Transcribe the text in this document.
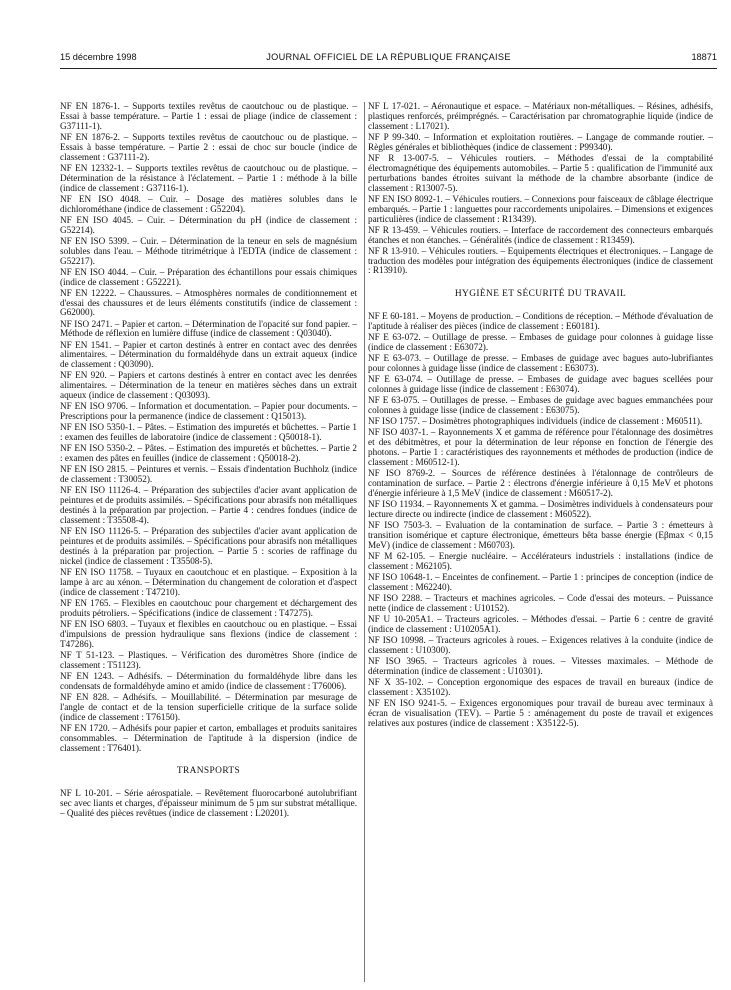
15 décembre 1998	JOURNAL OFFICIEL DE LA RÉPUBLIQUE FRANÇAISE	18871
NF EN 1876-1. – Supports textiles revêtus de caoutchouc ou de plastique. – Essai à basse température. – Partie 1 : essai de pliage (indice de classement : G37111-1).
NF EN 1876-2. – Supports textiles revêtus de caoutchouc ou de plastique. – Essais à basse température. – Partie 2 : essai de choc sur boucle (indice de classement : G37111-2).
NF EN 12332-1. – Supports textiles revêtus de caoutchouc ou de plastique. – Détermination de la résistance à l'éclatement. – Partie 1 : méthode à la bille (indice de classement : G37116-1).
NF EN ISO 4048. – Cuir. – Dosage des matières solubles dans le dichlorométhane (indice de classement : G52204).
NF EN ISO 4045. – Cuir. – Détermination du pH (indice de classement : G52214).
NF EN ISO 5399. – Cuir. – Détermination de la teneur en sels de magnésium solubles dans l'eau. – Méthode titrimétrique à l'EDTA (indice de classement : G52217).
NF EN ISO 4044. – Cuir. – Préparation des échantillons pour essais chimiques (indice de classement : G52221).
NF EN 12222. – Chaussures. – Atmosphères normales de conditionnement et d'essai des chaussures et de leurs éléments constitutifs (indice de classement : G62000).
NF ISO 2471. – Papier et carton. – Détermination de l'opacité sur fond papier. – Méthode de réflexion en lumière diffuse (indice de classement : Q03040).
NF EN 1541. – Papier et carton destinés à entrer en contact avec des denrées alimentaires. – Détermination du formaldéhyde dans un extrait aqueux (indice de classement : Q03090).
NF EN 920. – Papiers et cartons destinés à entrer en contact avec les denrées alimentaires. – Détermination de la teneur en matières sèches dans un extrait aqueux (indice de classement : Q03093).
NF EN ISO 9706. – Information et documentation. – Papier pour documents. – Prescriptions pour la permanence (indice de classement : Q15013).
NF EN ISO 5350-1. – Pâtes. – Estimation des impuretés et bûchettes. – Partie 1 : examen des feuilles de laboratoire (indice de classement : Q50018-1).
NF EN ISO 5350-2. – Pâtes. – Estimation des impuretés et bûchettes. – Partie 2 : examen des pâtes en feuilles (indice de classement : Q50018-2).
NF EN ISO 2815. – Peintures et vernis. – Essais d'indentation Buchholz (indice de classement : T30052).
NF EN ISO 11126-4. – Préparation des subjectiles d'acier avant application de peintures et de produits assimilés. – Spécifications pour abrasifs non métalliques destinés à la préparation par projection. – Partie 4 : cendres fondues (indice de classement : T35508-4).
NF EN ISO 11126-5. – Préparation des subjectiles d'acier avant application de peintures et de produits assimilés. – Spécifications pour abrasifs non métalliques destinés à la préparation par projection. – Partie 5 : scories de raffinage du nickel (indice de classement : T35508-5).
NF EN ISO 11758. – Tuyaux en caoutchouc et en plastique. – Exposition à la lampe à arc au xénon. – Détermination du changement de coloration et d'aspect (indice de classement : T47210).
NF EN 1765. – Flexibles en caoutchouc pour chargement et déchargement des produits pétroliers. – Spécifications (indice de classement : T47275).
NF EN ISO 6803. – Tuyaux et flexibles en caoutchouc ou en plastique. – Essai d'impulsions de pression hydraulique sans flexions (indice de classement : T47286).
NF T 51-123. – Plastiques. – Vérification des duromètres Shore (indice de classement : T51123).
NF EN 1243. – Adhésifs. – Détermination du formaldéhyde libre dans les condensats de formaldéhyde amino et amido (indice de classement : T76006).
NF EN 828. – Adhésifs. – Mouillabilité. – Détermination par mesurage de l'angle de contact et de la tension superficielle critique de la surface solide (indice de classement : T76150).
NF EN 1720. – Adhésifs pour papier et carton, emballages et produits sanitaires consommables. – Détermination de l'aptitude à la dispersion (indice de classement : T76401).
TRANSPORTS
NF L 10-201. – Série aérospatiale. – Revêtement fluorocarboné autolubrifiant sec avec liants et charges, d'épaisseur minimum de 5 µm sur substrat métallique. – Qualité des pièces revêtues (indice de classement : L20201).
NF L 17-021. – Aéronautique et espace. – Matériaux non-métalliques. – Résines, adhésifs, plastiques renforcés, préimprégnés. – Caractérisation par chromatographie liquide (indice de classement : L17021).
NF P 99-340. – Information et exploitation routières. – Langage de commande routier. – Règles générales et bibliothèques (indice de classement : P99340).
NF R 13-007-5. – Véhicules routiers. – Méthodes d'essai de la comptabilité électromagnétique des équipements automobiles. – Partie 5 : qualification de l'immunité aux perturbations bandes étroites suivant la méthode de la chambre absorbante (indice de classement : R13007-5).
NF EN ISO 8092-1. – Véhicules routiers. – Connexions pour faisceaux de câblage électrique embarqués. – Partie 1 : languettes pour raccordements unipolaires. – Dimensions et exigences particulières (indice de classement : R13439).
NF R 13-459. – Véhicules routiers. – Interface de raccordement des connecteurs embarqués étanches et non étanches. – Généralités (indice de classement : R13459).
NF R 13-910. – Véhicules routiers. – Equipements électriques et électroniques. – Langage de traduction des modèles pour intégration des équipements électroniques (indice de classement : R13910).
HYGIÈNE ET SÉCURITÉ DU TRAVAIL
NF E 60-181. – Moyens de production. – Conditions de réception. – Méthode d'évaluation de l'aptitude à réaliser des pièces (indice de classement : E60181).
NF E 63-072. – Outillage de presse. – Embases de guidage pour colonnes à guidage lisse (indice de classement : E63072).
NF E 63-073. – Outillage de presse. – Embases de guidage avec bagues auto-lubrifiantes pour colonnes à guidage lisse (indice de classement : E63073).
NF E 63-074. – Outillage de presse. – Embases de guidage avec bagues scellées pour colonnes à guidage lisse (indice de classement : E63074).
NF E 63-075. – Outillages de presse. – Embases de guidage avec bagues emmanchées pour colonnes à guidage lisse (indice de classement : E63075).
NF ISO 1757. – Dosimètres photographiques individuels (indice de classement : M60511).
NF ISO 4037-1. – Rayonnements X et gamma de référence pour l'étalonnage des dosimètres et des débitmètres, et pour la détermination de leur réponse en fonction de l'énergie des photons. – Partie 1 : caractéristiques des rayonnements et méthodes de production (indice de classement : M60512-1).
NF ISO 8769-2. – Sources de référence destinées à l'étalonnage de contrôleurs de contamination de surface. – Partie 2 : électrons d'énergie inférieure à 0,15 MeV et photons d'énergie inférieure à 1,5 MeV (indice de classement : M60517-2).
NF ISO 11934. – Rayonnements X et gamma. – Dosimètres individuels à condensateurs pour lecture directe ou indirecte (indice de classement : M60522).
NF ISO 7503-3. – Evaluation de la contamination de surface. – Partie 3 : émetteurs à transition isomérique et capture électronique, émetteurs bêta basse énergie (Eβmax < 0,15 MeV) (indice de classement : M60703).
NF M 62-105. – Energie nucléaire. – Accélérateurs industriels : installations (indice de classement : M62105).
NF ISO 10648-1. – Enceintes de confinement. – Partie 1 : principes de conception (indice de classement : M62240).
NF ISO 2288. – Tracteurs et machines agricoles. – Code d'essai des moteurs. – Puissance nette (indice de classement : U10152).
NF U 10-205A1. – Tracteurs agricoles. – Méthodes d'essai. – Partie 6 : centre de gravité (indice de classement : U10205A1).
NF ISO 10998. – Tracteurs agricoles à roues. – Exigences relatives à la conduite (indice de classement : U10300).
NF ISO 3965. – Tracteurs agricoles à roues. – Vitesses maximales. – Méthode de détermination (indice de classement : U10301).
NF X 35-102. – Conception ergonomique des espaces de travail en bureaux (indice de classement : X35102).
NF EN ISO 9241-5. – Exigences ergonomiques pour travail de bureau avec terminaux à écran de visualisation (TEV). – Partie 5 : aménagement du poste de travail et exigences relatives aux postures (indice de classement : X35122-5).
